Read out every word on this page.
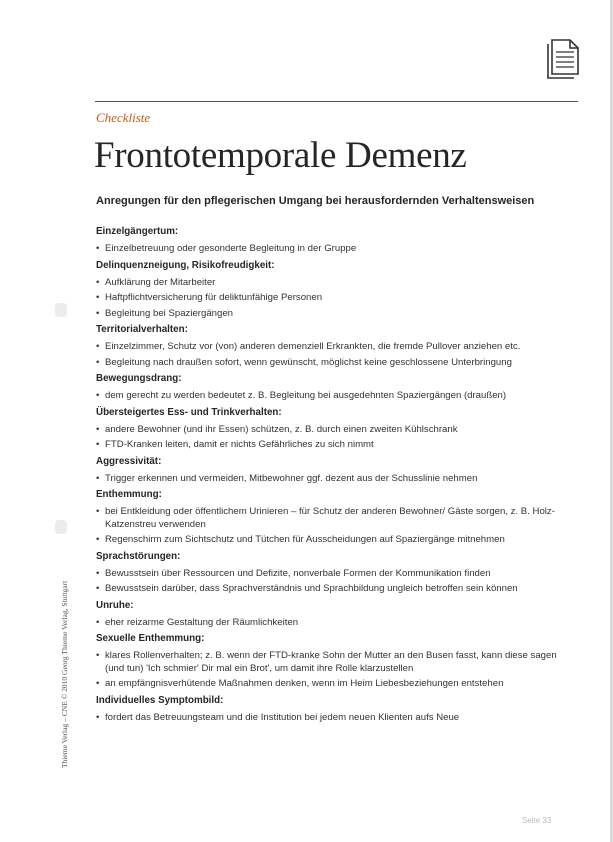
Checkliste
Frontotemporale Demenz
Anregungen für den pflegerischen Umgang bei herausfordernden Verhaltensweisen
Einzelgängertum:
• Einzelbetreuung oder gesonderte Begleitung in der Gruppe
Delinquenzneigung, Risikofreudigkeit:
• Aufklärung der Mitarbeiter
• Haftpflichtversicherung für deliktunfähige Personen
• Begleitung bei Spaziergängen
Territorialverhalten:
• Einzelzimmer, Schutz vor (von) anderen demenziell Erkrankten, die fremde Pullover anziehen etc.
• Begleitung nach draußen sofort, wenn gewünscht, möglichst keine geschlossene Unterbringung
Bewegungsdrang:
• dem gerecht zu werden bedeutet z. B. Begleitung bei ausgedehnten Spaziergängen (draußen)
Übersteigertes Ess- und Trinkverhalten:
• andere Bewohner (und ihr Essen) schützen, z. B. durch einen zweiten Kühlschrank
• FTD-Kranken leiten, damit er nichts Gefährliches zu sich nimmt
Aggressivität:
• Trigger erkennen und vermeiden, Mitbewohner ggf. dezent aus der Schusslinie nehmen
Enthemmung:
• bei Entkleidung oder öffentlichem Urinieren – für Schutz der anderen Bewohner/ Gäste sorgen, z. B. Holz-Katzenstreu verwenden
• Regenschirm zum Sichtschutz und Tütchen für Ausscheidungen auf Spaziergänge mitnehmen
Sprachstörungen:
• Bewusstsein über Ressourcen und Defizite, nonverbale Formen der Kommunikation finden
• Bewusstsein darüber, dass Sprachverständnis und Sprachbildung ungleich betroffen sein können
Unruhe:
• eher reizarme Gestaltung der Räumlichkeiten
Sexuelle Enthemmung:
• klares Rollenverhalten; z. B. wenn der FTD-kranke Sohn der Mutter an den Busen fasst, kann diese sagen (und tun) 'Ich schmier' Dir mal ein Brot', um damit ihre Rolle klarzustellen
• an empfängnisverhütende Maßnahmen denken, wenn im Heim Liebesbeziehungen entstehen
Individuelles Symptombild:
• fordert das Betreuungsteam und die Institution bei jedem neuen Klienten aufs Neue
Thieme Verlag – CNE © 2010 Georg Thieme Verlag, Stuttgart
Seite 33
